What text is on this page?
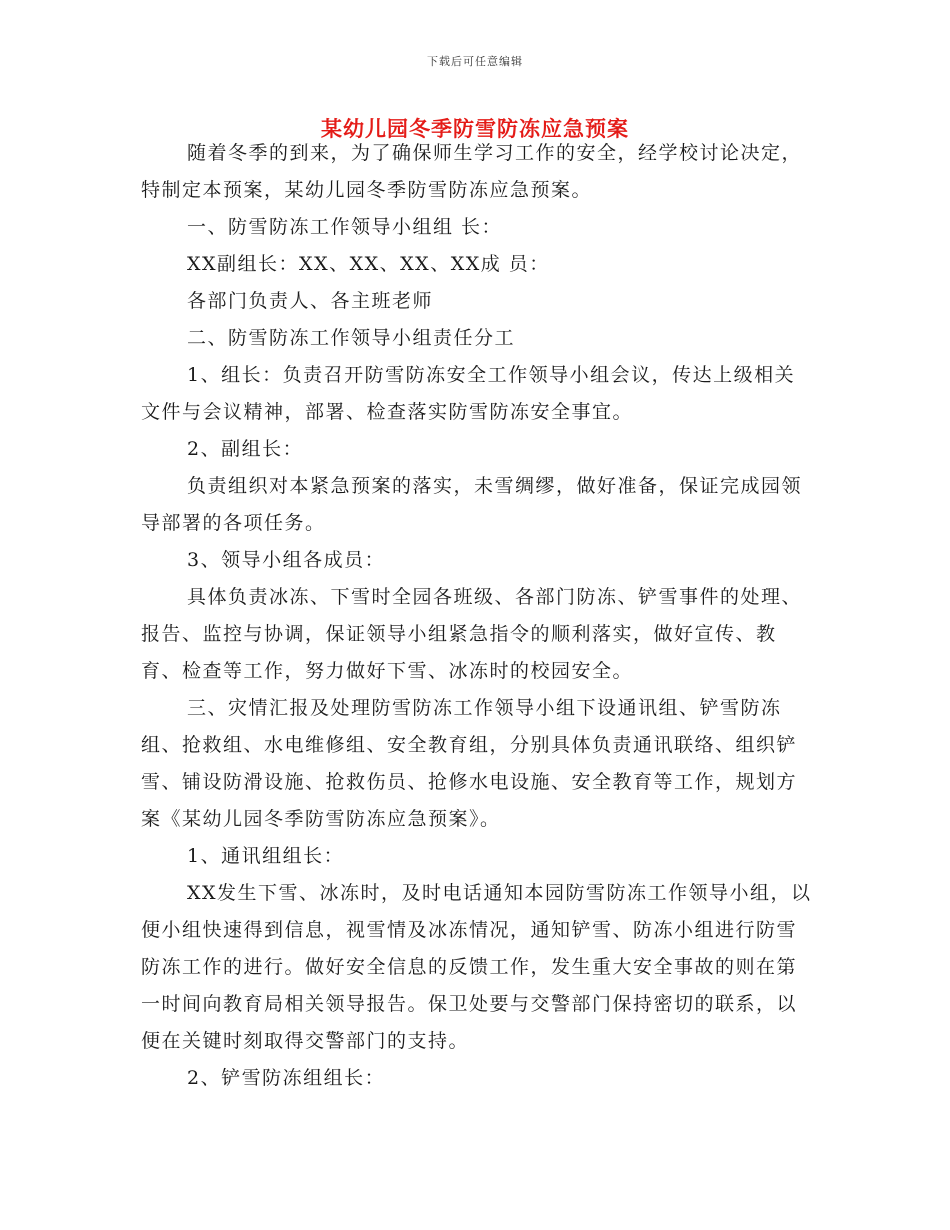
下载后可任意编辑
某幼儿园冬季防雪防冻应急预案

随着冬季的到来，为了确保师生学习工作的安全，经学校讨论决定，特制定本预案，某幼儿园冬季防雪防冻应急预案。

一、防雪防冻工作领导小组组 长：

XX副组长：XX、XX、XX、XX成 员：

各部门负责人、各主班老师

二、防雪防冻工作领导小组责任分工

1、组长：负责召开防雪防冻安全工作领导小组会议，传达上级相关文件与会议精神，部署、检查落实防雪防冻安全事宜。

2、副组长：

负责组织对本紧急预案的落实，未雪绸缪，做好准备，保证完成园领导部署的各项任务。

3、领导小组各成员：

具体负责冰冻、下雪时全园各班级、各部门防冻、铲雪事件的处理、报告、监控与协调，保证领导小组紧急指令的顺利落实，做好宣传、教育、检查等工作，努力做好下雪、冰冻时的校园安全。

三、灾情汇报及处理防雪防冻工作领导小组下设通讯组、铲雪防冻组、抢救组、水电维修组、安全教育组，分别具体负责通讯联络、组织铲雪、铺设防滑设施、抢救伤员、抢修水电设施、安全教育等工作，规划方案《某幼儿园冬季防雪防冻应急预案》。

1、通讯组组长：

XX发生下雪、冰冻时，及时电话通知本园防雪防冻工作领导小组，以便小组快速得到信息，视雪情及冰冻情况，通知铲雪、防冻小组进行防雪防冻工作的进行。做好安全信息的反馈工作，发生重大安全事故的则在第一时间向教育局相关领导报告。保卫处要与交警部门保持密切的联系，以便在关键时刻取得交警部门的支持。

2、铲雪防冻组组长：
